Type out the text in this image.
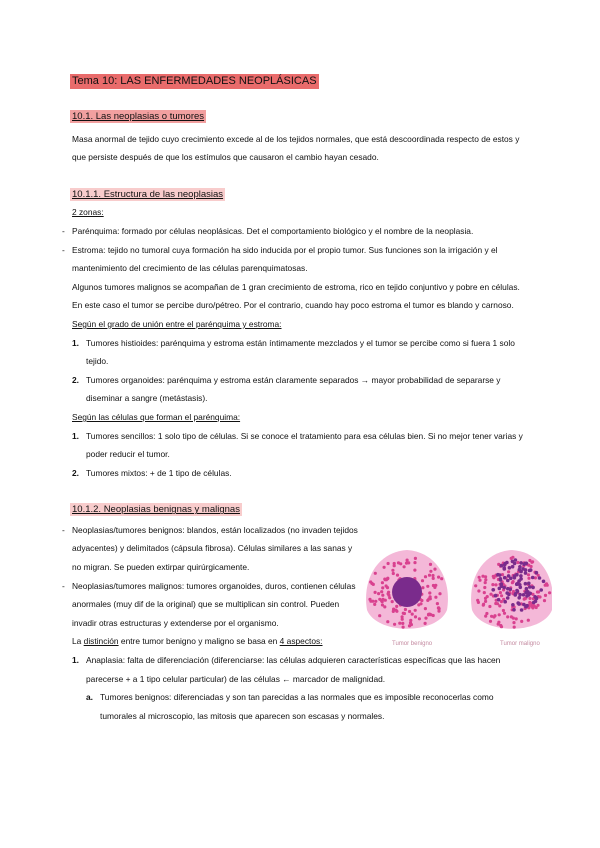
Tema 10: LAS ENFERMEDADES NEOPLÁSICAS
10.1. Las neoplasias o tumores
Masa anormal de tejido cuyo crecimiento excede al de los tejidos normales, que está descoordinada respecto de estos y que persiste después de que los estímulos que causaron el cambio hayan cesado.
10.1.1. Estructura de las neoplasias
2 zonas:
- Parénquima: formado por células neoplásicas. Det el comportamiento biológico y el nombre de la neoplasia.
- Estroma: tejido no tumoral cuya formación ha sido inducida por el propio tumor. Sus funciones son la irrigación y el mantenimiento del crecimiento de las células parenquimatosas.
Algunos tumores malignos se acompañan de 1 gran crecimiento de estroma, rico en tejido conjuntivo y pobre en células. En este caso el tumor se percibe duro/pétreo. Por el contrario, cuando hay poco estroma el tumor es blando y carnoso.
Según el grado de unión entre el parénquima y estroma:
1. Tumores histioides: parénquima y estroma están íntimamente mezclados y el tumor se percibe como si fuera 1 solo tejido.
2. Tumores organoides: parénquima y estroma están claramente separados → mayor probabilidad de separarse y diseminar a sangre (metástasis).
Según las células que forman el parénquima:
1. Tumores sencillos: 1 solo tipo de células. Si se conoce el tratamiento para esa células bien. Si no mejor tener varias y poder reducir el tumor.
2. Tumores mixtos: + de 1 tipo de células.
10.1.2. Neoplasias benignas y malignas
- Neoplasias/tumores benignos: blandos, están localizados (no invaden tejidos adyacentes) y delimitados (cápsula fibrosa). Células similares a las sanas y no migran. Se pueden extirpar quirúrgicamente.
- Neoplasias/tumores malignos: tumores organoides, duros, contienen células anormales (muy dif de la original) que se multiplican sin control. Pueden invadir otras estructuras y extenderse por el organismo.
La distinción entre tumor benigno y maligno se basa en 4 aspectos:
1. Anaplasia: falta de diferenciación (diferenciarse: las células adquieren características específicas que las hacen parecerse + a 1 tipo celular particular) de las células ← marcador de malignidad.
a. Tumores benignos: diferenciadas y son tan parecidas a las normales que es imposible reconocerlas como tumorales al microscopio, las mitosis que aparecen son escasas y normales.
Tumor benigno	Tumor maligno
